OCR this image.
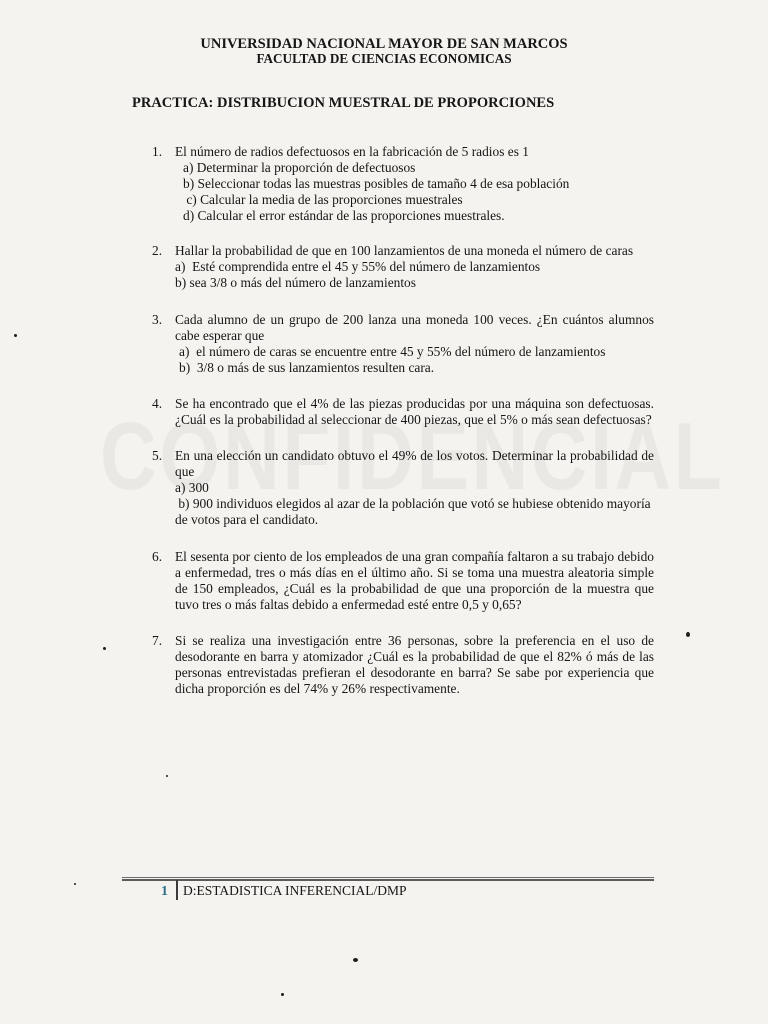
UNIVERSIDAD NACIONAL MAYOR DE SAN MARCOS
FACULTAD DE CIENCIAS ECONOMICAS
PRACTICA: DISTRIBUCION MUESTRAL DE PROPORCIONES
1. El número de radios defectuosos en la fabricación de 5 radios es 1
a) Determinar la proporción de defectuosos
b) Seleccionar todas las muestras posibles de tamaño 4 de esa población
c) Calcular la media de las proporciones muestrales
d) Calcular el error estándar de las proporciones muestrales.
2. Hallar la probabilidad de que en 100 lanzamientos de una moneda el número de caras
a)  Esté comprendida entre el 45 y 55% del número de lanzamientos
b) sea 3/8 o más del número de lanzamientos
3. Cada alumno de un grupo de 200 lanza una moneda 100 veces. ¿En cuántos alumnos cabe esperar que
a)  el número de caras se encuentre entre 45 y 55% del número de lanzamientos
b)  3/8 o más de sus lanzamientos resulten cara.
4. Se ha encontrado que el 4% de las piezas producidas por una máquina son defectuosas. ¿Cuál es la probabilidad al seleccionar de 400 piezas, que el 5% o más sean defectuosas?
5. En una elección un candidato obtuvo el 49% de los votos. Determinar la probabilidad de que
a) 300
b) 900 individuos elegidos al azar de la población que votó se hubiese obtenido mayoría de votos para el candidato.
6. El sesenta por ciento de los empleados de una gran compañía faltaron a su trabajo debido a enfermedad, tres o más días en el último año. Si se toma una muestra aleatoria simple de 150 empleados, ¿Cuál es la probabilidad de que una proporción de la muestra que tuvo tres o más faltas debido a enfermedad esté entre 0,5 y 0,65?
7. Si se realiza una investigación entre 36 personas, sobre la preferencia en el uso de desodorante en barra y atomizador ¿Cuál es la probabilidad de que el 82% ó más de las personas entrevistadas prefieran el desodorante en barra? Se sabe por experiencia que dicha proporción es del 74% y 26% respectivamente.
1 D:ESTADISTICA INFERENCIAL/DMP
